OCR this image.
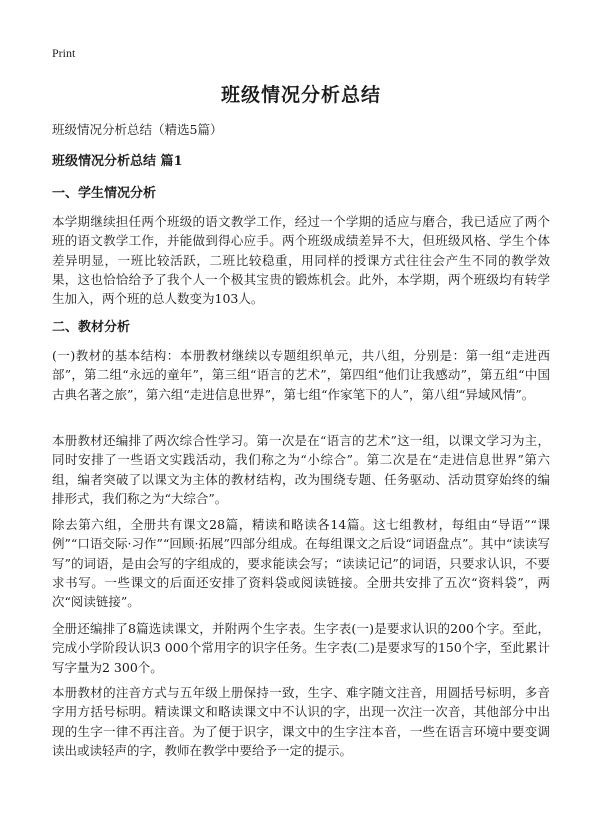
Print
班级情况分析总结

班级情况分析总结（精选5篇）

班级情况分析总结 篇1
一、学生情况分析

本学期继续担任两个班级的语文教学工作，经过一个学期的适应与磨合，我已适应了两个班的语文教学工作，并能做到得心应手。两个班级成绩差异不大，但班级风格、学生个体差异明显，一班比较活跃，二班比较稳重，用同样的授课方式往往会产生不同的教学效果，这也恰恰给予了我个人一个极其宝贵的锻炼机会。此外，本学期，两个班级均有转学生加入，两个班的总人数变为103人。

二、教材分析

(一)教材的基本结构：本册教材继续以专题组织单元，共八组，分别是：第一组“走进西部”，第二组“永远的童年”，第三组“语言的艺术”，第四组“他们让我感动”，第五组“中国古典名著之旅”，第六组“走进信息世界”，第七组“作家笔下的人”，第八组“异域风情”。

本册教材还编排了两次综合性学习。第一次是在“语言的艺术”这一组，以课文学习为主，同时安排了一些语文实践活动，我们称之为“小综合”。第二次是在“走进信息世界”第六组，编者突破了以课文为主体的教材结构，改为围绕专题、任务驱动、活动贯穿始终的编排形式，我们称之为“大综合”。

除去第六组，全册共有课文28篇，精读和略读各14篇。这七组教材，每组由“导语”“课例”“口语交际·习作”“回顾·拓展”四部分组成。在每组课文之后设“词语盘点”。其中“读读写写”的词语，是由会写的字组成的，要求能读会写；“读读记记”的词语，只要求认识，不要求书写。一些课文的后面还安排了资料袋或阅读链接。全册共安排了五次“资料袋”，两次“阅读链接”。

全册还编排了8篇选读课文，并附两个生字表。生字表(一)是要求认识的200个字。至此，完成小学阶段认识3 000个常用字的识字任务。生字表(二)是要求写的150个字，至此累计写字量为2 300个。

本册教材的注音方式与五年级上册保持一致，生字、难字随文注音，用圆括号标明，多音字用方括号标明。精读课文和略读课文中不认识的字，出现一次注一次音，其他部分中出现的生字一律不再注音。为了便于识字，课文中的生字注本音，一些在语言环境中要变调读出或读轻声的字，教师在教学中要给予一定的提示。
